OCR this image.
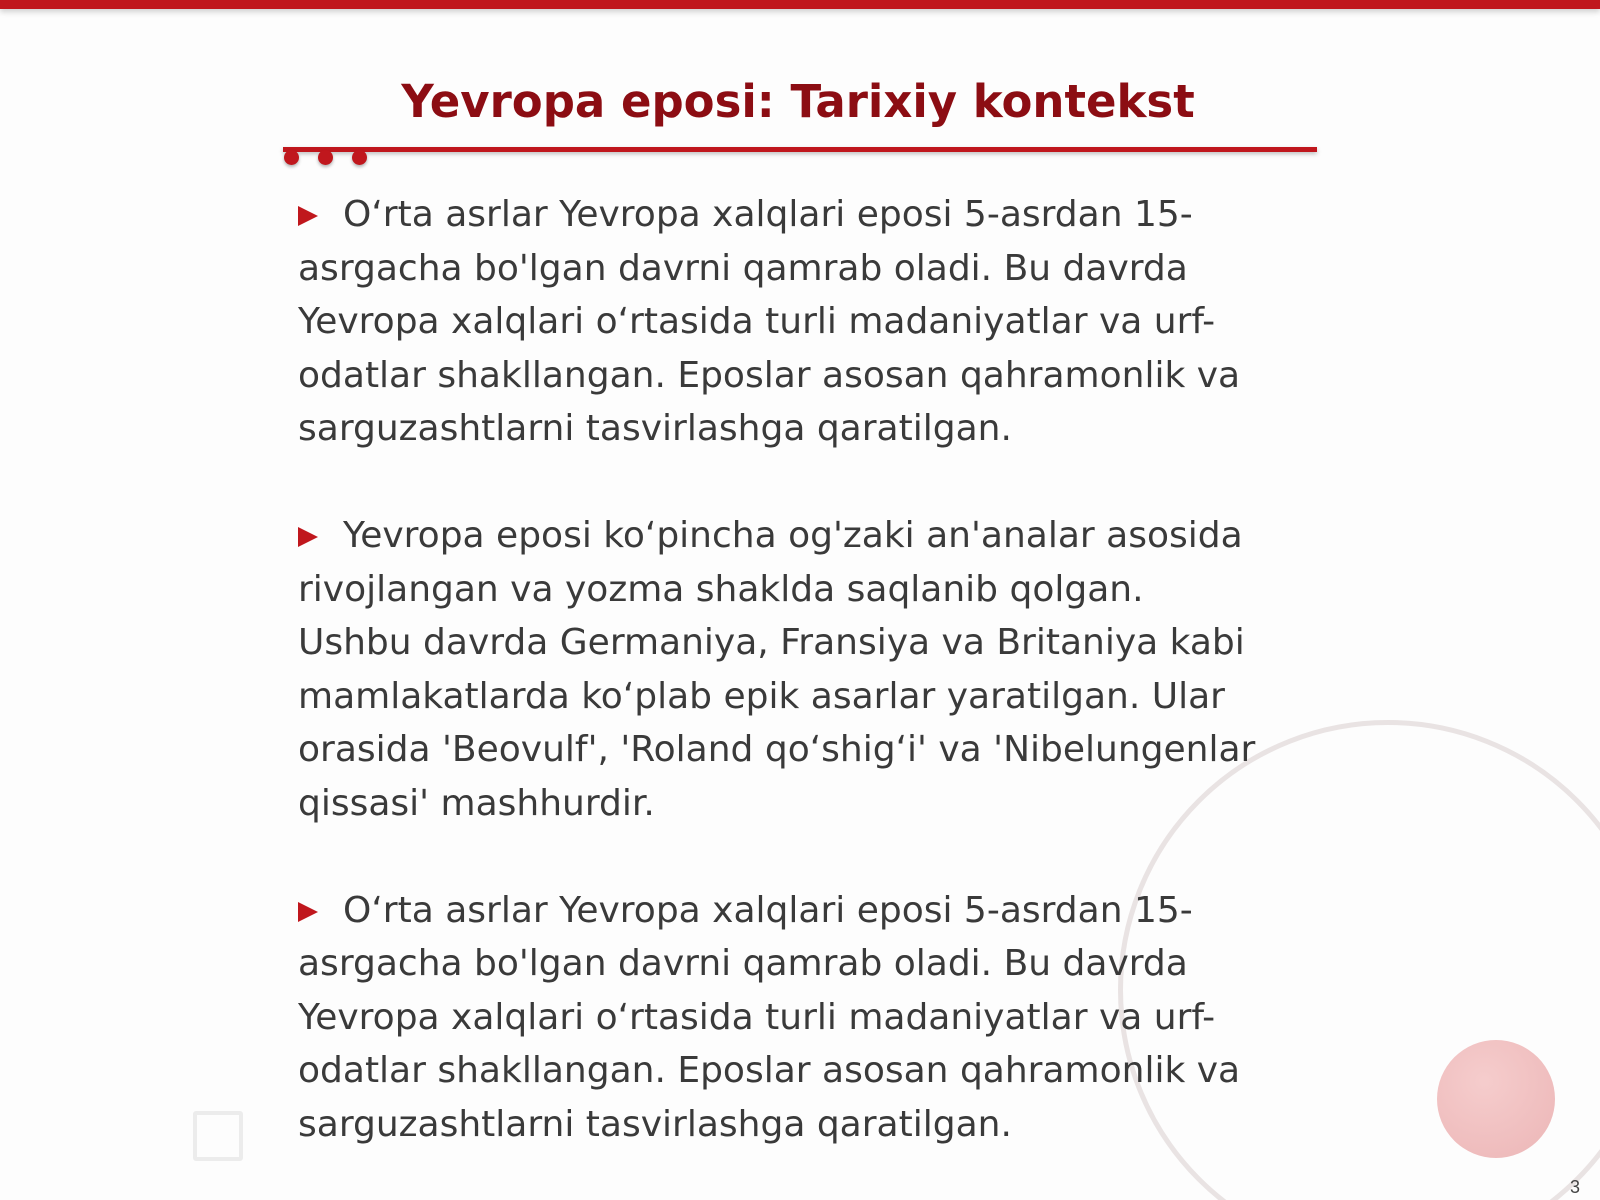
Yevropa eposi: Tarixiy kontekst

O‘rta asrlar Yevropa xalqlari eposi 5-asrdan 15-asrgacha bo'lgan davrni qamrab oladi. Bu davrda Yevropa xalqlari o‘rtasida turli madaniyatlar va urf-odatlar shakllangan. Eposlar asosan qahramonlik va sarguzashtlarni tasvirlashga qaratilgan.

Yevropa eposi ko‘pincha og'zaki an'analar asosida rivojlangan va yozma shaklda saqlanib qolgan. Ushbu davrda Germaniya, Fransiya va Britaniya kabi mamlakatlarda ko‘plab epik asarlar yaratilgan. Ular orasida 'Beovulf', 'Roland qo‘shig‘i' va 'Nibelungenlar qissasi' mashhurdir.

O‘rta asrlar Yevropa xalqlari eposi 5-asrdan 15-asrgacha bo'lgan davrni qamrab oladi. Bu davrda Yevropa xalqlari o‘rtasida turli madaniyatlar va urf-odatlar shakllangan. Eposlar asosan qahramonlik va sarguzashtlarni tasvirlashga qaratilgan.

3
